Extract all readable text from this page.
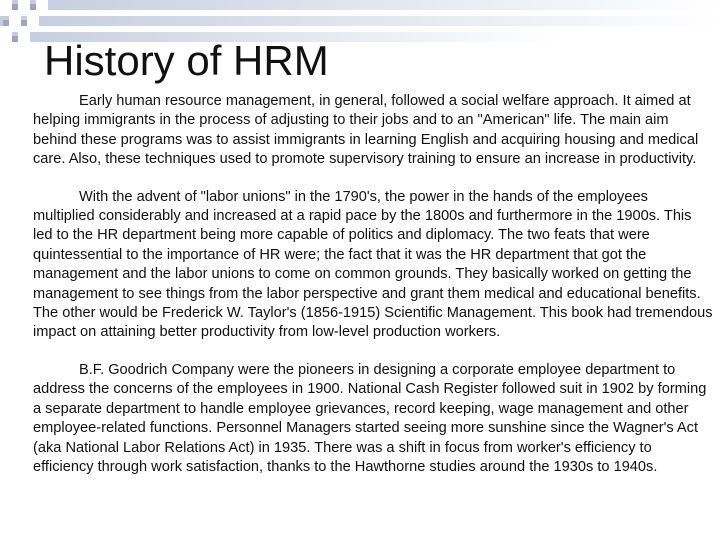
History of HRM

Early human resource management, in general, followed a social welfare approach. It aimed at helping immigrants in the process of adjusting to their jobs and to an "American" life. The main aim behind these programs was to assist immigrants in learning English and acquiring housing and medical care. Also, these techniques used to promote supervisory training to ensure an increase in productivity.

With the advent of "labor unions" in the 1790's, the power in the hands of the employees multiplied considerably and increased at a rapid pace by the 1800s and furthermore in the 1900s. This led to the HR department being more capable of politics and diplomacy. The two feats that were quintessential to the importance of HR were; the fact that it was the HR department that got the management and the labor unions to come on common grounds. They basically worked on getting the management to see things from the labor perspective and grant them medical and educational benefits. The other would be Frederick W. Taylor's (1856-1915) Scientific Management. This book had tremendous impact on attaining better productivity from low-level production workers.

B.F. Goodrich Company were the pioneers in designing a corporate employee department to address the concerns of the employees in 1900. National Cash Register followed suit in 1902 by forming a separate department to handle employee grievances, record keeping, wage management and other employee-related functions. Personnel Managers started seeing more sunshine since the Wagner's Act (aka National Labor Relations Act) in 1935. There was a shift in focus from worker's efficiency to efficiency through work satisfaction, thanks to the Hawthorne studies around the 1930s to 1940s.
